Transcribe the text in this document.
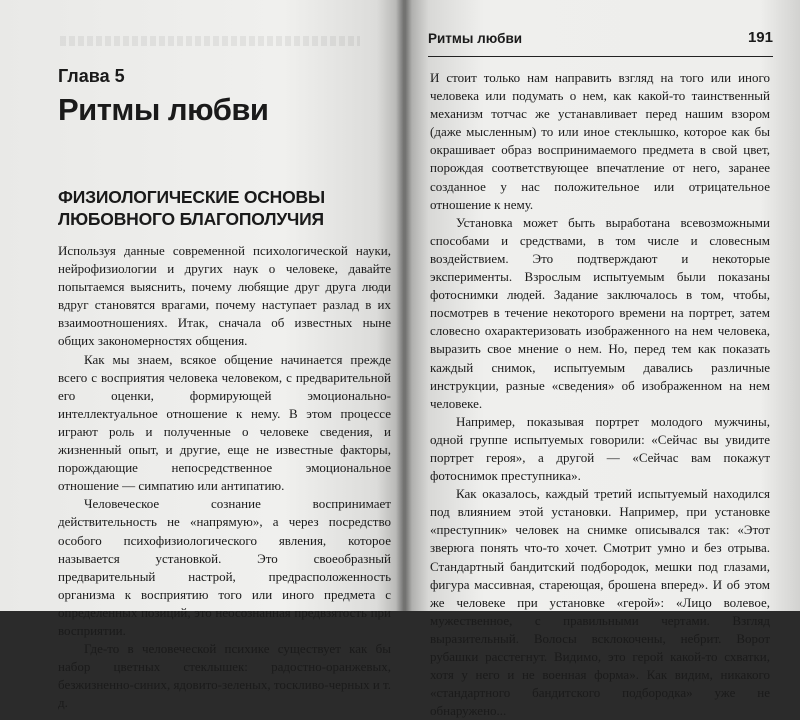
Глава 5
Ритмы любви
ФИЗИОЛОГИЧЕСКИЕ ОСНОВЫ ЛЮБОВНОГО БЛАГОПОЛУЧИЯ

Используя данные современной психологической науки, нейрофизиологии и других наук о человеке, давайте попытаемся выяснить, почему любящие друг друга люди вдруг становятся врагами, почему наступает разлад в их взаимоотношениях. Итак, сначала об известных ныне общих закономерностях общения.

Как мы знаем, всякое общение начинается прежде всего с восприятия человека человеком, с предварительной его оценки, формирующей эмоционально-интеллектуальное отношение к нему. В этом процессе играют роль и полученные о человеке сведения, и жизненный опыт, и другие, еще не известные факторы, порождающие непосредственное эмоциональное отношение — симпатию или антипатию.

Человеческое сознание воспринимает действительность не «напрямую», а через посредство особого психофизиологического явления, которое называется установкой. Это своеобразный предварительный настрой, предрасположенность организма к восприятию того или иного предмета с определенных позиций, это неосознанная предвзятость при восприятии.

Где-то в человеческой психике существует как бы набор цветных стеклышек: радостно-оранжевых, безжизненно-синих, ядовито-зеленых, тоскливо-черных и т. д.

Ритмы любви	191

И стоит только нам направить взгляд на того или иного человека или подумать о нем, как какой-то таинственный механизм тотчас же устанавливает перед нашим взором (даже мысленным) то или иное стеклышко, которое как бы окрашивает образ воспринимаемого предмета в свой цвет, порождая соответствующее впечатление от него, заранее созданное у нас положительное или отрицательное отношение к нему.

Установка может быть выработана всевозможными способами и средствами, в том числе и словесным воздействием. Это подтверждают и некоторые эксперименты. Взрослым испытуемым были показаны фотоснимки людей. Задание заключалось в том, чтобы, посмотрев в течение некоторого времени на портрет, затем словесно охарактеризовать изображенного на нем человека, выразить свое мнение о нем. Но, перед тем как показать каждый снимок, испытуемым давались различные инструкции, разные «сведения» об изображенном на нем человеке.

Например, показывая портрет молодого мужчины, одной группе испытуемых говорили: «Сейчас вы увидите портрет героя», а другой — «Сейчас вам покажут фотоснимок преступника».

Как оказалось, каждый третий испытуемый находился под влиянием этой установки. Например, при установке «преступник» человек на снимке описывался так: «Этот зверюга понять что-то хочет. Смотрит умно и без отрыва. Стандартный бандитский подбородок, мешки под глазами, фигура массивная, стареющая, брошена вперед». И об этом же человеке при установке «герой»: «Лицо волевое, мужественное, с правильными чертами. Взгляд выразительный. Волосы всклокочены, небрит. Ворот рубашки расстегнут. Видимо, это герой какой-то схватки, хотя у него и не военная форма». Как видим, никакого «стандартного бандитского подбородка» уже не обнаружено...
